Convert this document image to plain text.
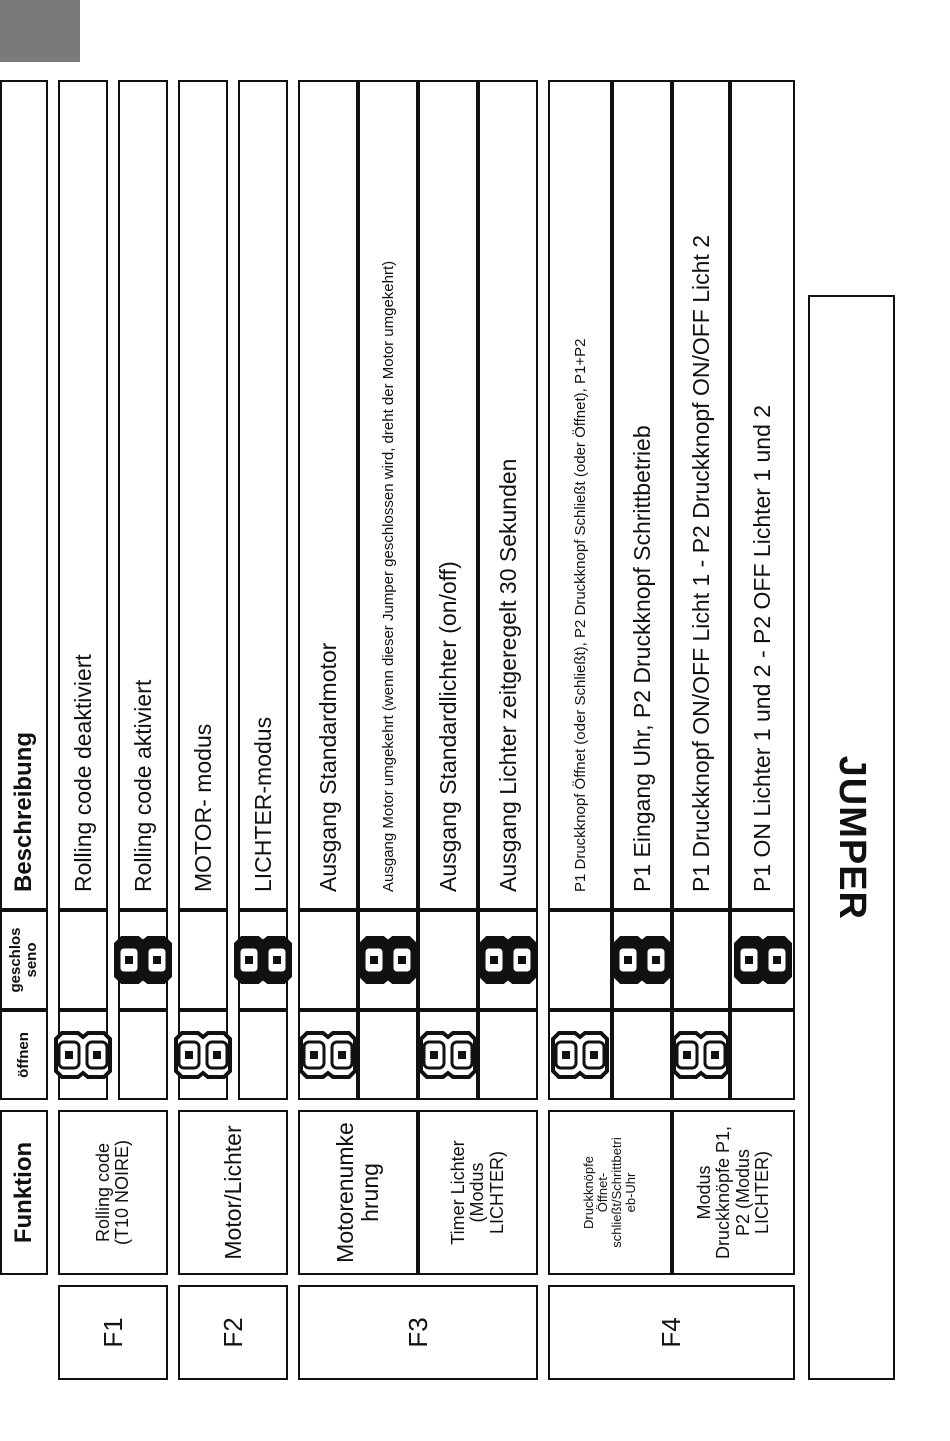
Funktion
öffnen
geschlos
seno
Beschreibung
F1
Rolling code
(T10 NOIRE)
Rolling code deaktiviert Rolling code aktiviert
F2
Motor/Lichter
MOTOR- modus LICHTER-modus
F3
Motorenumke
hrung
Ausgang Standardmotor	Ausgang Motor umgekehrt (wenn dieser Jumper geschlossen wird, dreht der Motor umgekehrt)
Timer Lichter
(Modus
LICHTER)
Ausgang Standardlichter (on/off) Ausgang Lichter zeitgeregelt 30 Sekunden
F4
Druckknöpfe
Öffnet-
schließt/Schrittbetri
eb-Uhr
P1 Druckknopf Öffnet (oder Schließt), P2 Druckknopf Schließt (oder Öffnet), P1+P2 P1 Eingang Uhr, P2 Druckknopf Schrittbetrieb
Modus
Druckknöpfe P1,
P2 (Modus
LICHTER)
P1 Druckknopf ON/OFF Licht 1 - P2 Druckknopf ON/OFF Licht 2 P1 ON Lichter 1 und 2 - P2 OFF Lichter 1 und 2 JUMPER
